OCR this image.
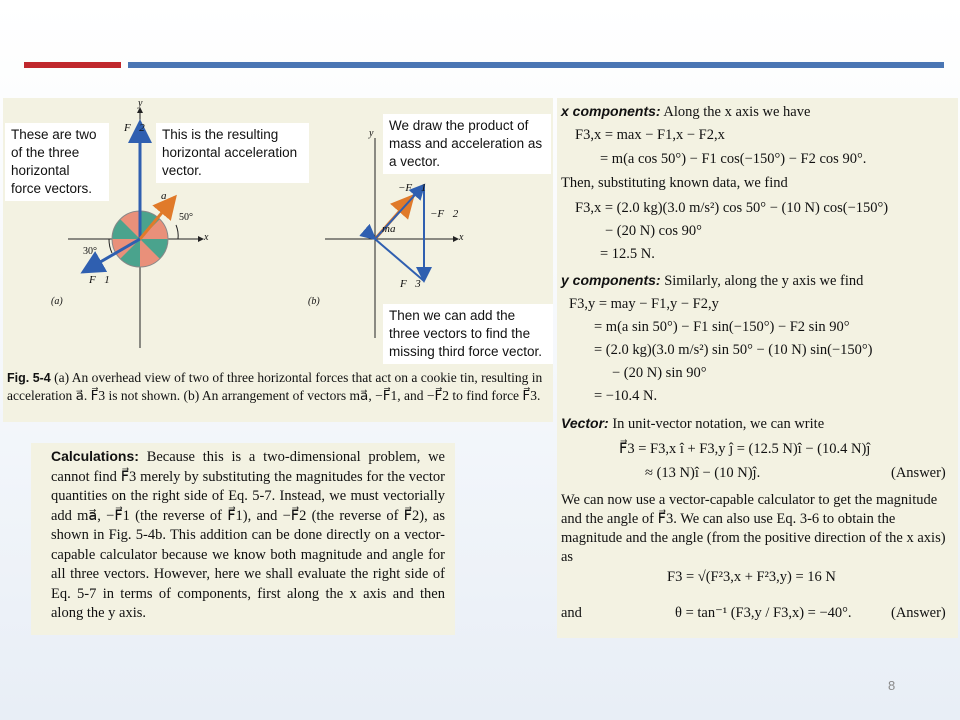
y
x
F⃗2
a⃗
50°
30°
F⃗1
(a)
y
x
−F⃗1
−F⃗2
ma⃗
F⃗3
(b)
These are two of the three horizontal force vectors.
This is the resulting horizontal acceleration vector.
We draw the product of mass and acceleration as a vector.
Then we can add the three vectors to find the missing third force vector.
Fig. 5-4 (a) An overhead view of two of three horizontal forces that act on a cookie tin, resulting in acceleration a⃗. F⃗3 is not shown. (b) An arrangement of vectors ma⃗, −F⃗1, and −F⃗2 to find force F⃗3.
Calculations: Because this is a two-dimensional problem, we cannot find F⃗3 merely by substituting the magnitudes for the vector quantities on the right side of Eq. 5-7. Instead, we must vectorially add ma⃗, −F⃗1 (the reverse of F⃗1), and −F⃗2 (the reverse of F⃗2), as shown in Fig. 5-4b. This addition can be done directly on a vector-capable calculator because we know both magnitude and angle for all three vectors. However, here we shall evaluate the right side of Eq. 5-7 in terms of components, first along the x axis and then along the y axis.
x components: Along the x axis we have
F3,x = max − F1,x − F2,x
= m(a cos 50°) − F1 cos(−150°) − F2 cos 90°.
Then, substituting known data, we find
F3,x = (2.0 kg)(3.0 m/s²) cos 50° − (10 N) cos(−150°)
− (20 N) cos 90°
= 12.5 N.
y components: Similarly, along the y axis we find
F3,y = may − F1,y − F2,y
= m(a sin 50°) − F1 sin(−150°) − F2 sin 90°
= (2.0 kg)(3.0 m/s²) sin 50° − (10 N) sin(−150°)
− (20 N) sin 90°
= −10.4 N.
Vector: In unit-vector notation, we can write
F⃗3 = F3,x î + F3,y ĵ = (12.5 N)î − (10.4 N)ĵ
≈ (13 N)î − (10 N)ĵ.	(Answer)
We can now use a vector-capable calculator to get the magnitude and the angle of F⃗3. We can also use Eq. 3-6 to obtain the magnitude and the angle (from the positive direction of the x axis) as
F3 = √(F²3,x + F²3,y) = 16 N
and	θ = tan⁻¹ (F3,y / F3,x) = −40°.	(Answer)
8
